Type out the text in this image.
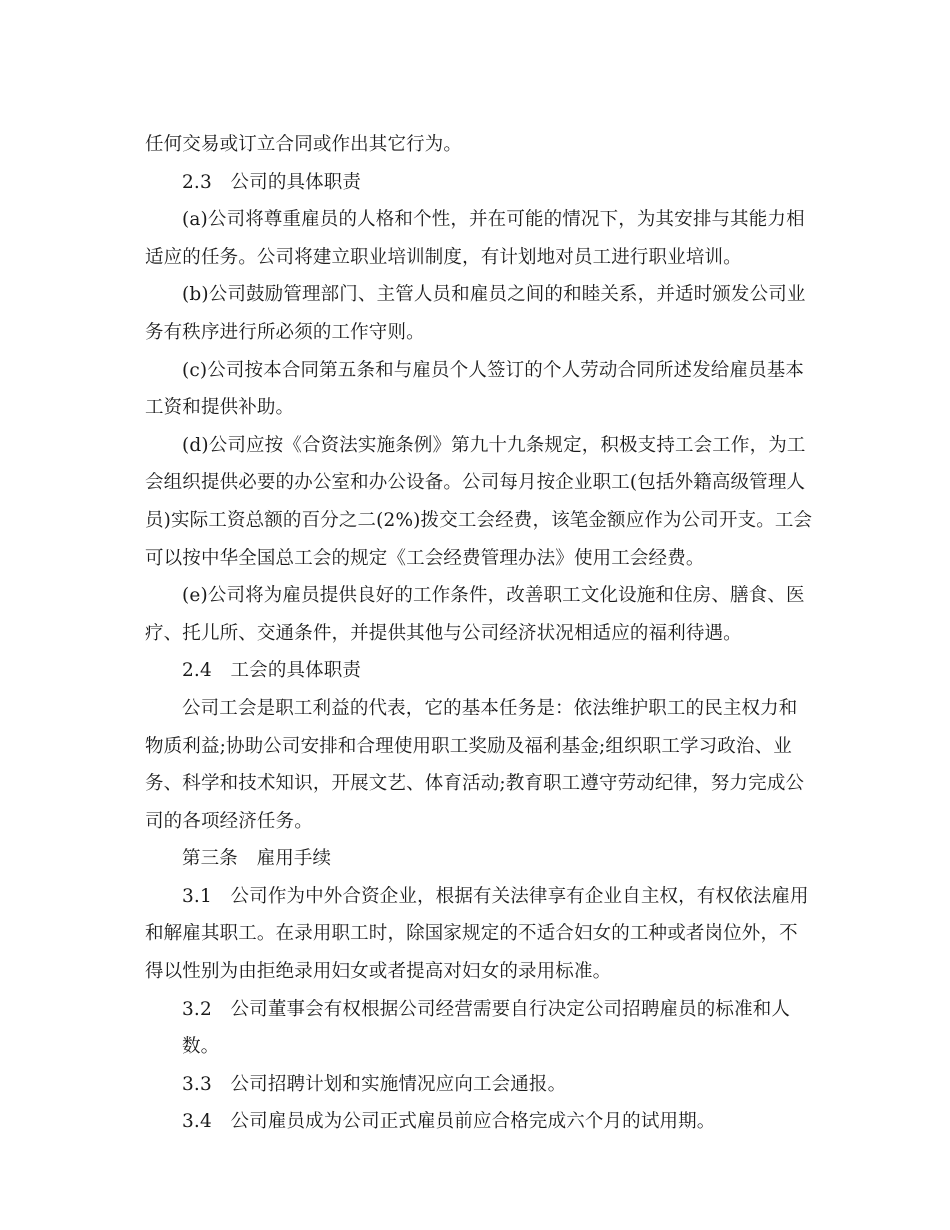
任何交易或订立合同或作出其它行为。
2.3　公司的具体职责
(a)公司将尊重雇员的人格和个性，并在可能的情况下，为其安排与其能力相
适应的任务。公司将建立职业培训制度，有计划地对员工进行职业培训。
(b)公司鼓励管理部门、主管人员和雇员之间的和睦关系，并适时颁发公司业
务有秩序进行所必须的工作守则。
(c)公司按本合同第五条和与雇员个人签订的个人劳动合同所述发给雇员基本
工资和提供补助。
(d)公司应按《合资法实施条例》第九十九条规定，积极支持工会工作，为工
会组织提供必要的办公室和办公设备。公司每月按企业职工(包括外籍高级管理人
员)实际工资总额的百分之二(2%)拨交工会经费，该笔金额应作为公司开支。工会
可以按中华全国总工会的规定《工会经费管理办法》使用工会经费。
(e)公司将为雇员提供良好的工作条件，改善职工文化设施和住房、膳食、医
疗、托儿所、交通条件，并提供其他与公司经济状况相适应的福利待遇。
2.4　工会的具体职责
公司工会是职工利益的代表，它的基本任务是：依法维护职工的民主权力和
物质利益;协助公司安排和合理使用职工奖励及福利基金;组织职工学习政治、业
务、科学和技术知识，开展文艺、体育活动;教育职工遵守劳动纪律，努力完成公
司的各项经济任务。
第三条　雇用手续
3.1　公司作为中外合资企业，根据有关法律享有企业自主权，有权依法雇用
和解雇其职工。在录用职工时，除国家规定的不适合妇女的工种或者岗位外，不
得以性别为由拒绝录用妇女或者提高对妇女的录用标准。
3.2　公司董事会有权根据公司经营需要自行决定公司招聘雇员的标准和人
数。
3.3　公司招聘计划和实施情况应向工会通报。
3.4　公司雇员成为公司正式雇员前应合格完成六个月的试用期。
